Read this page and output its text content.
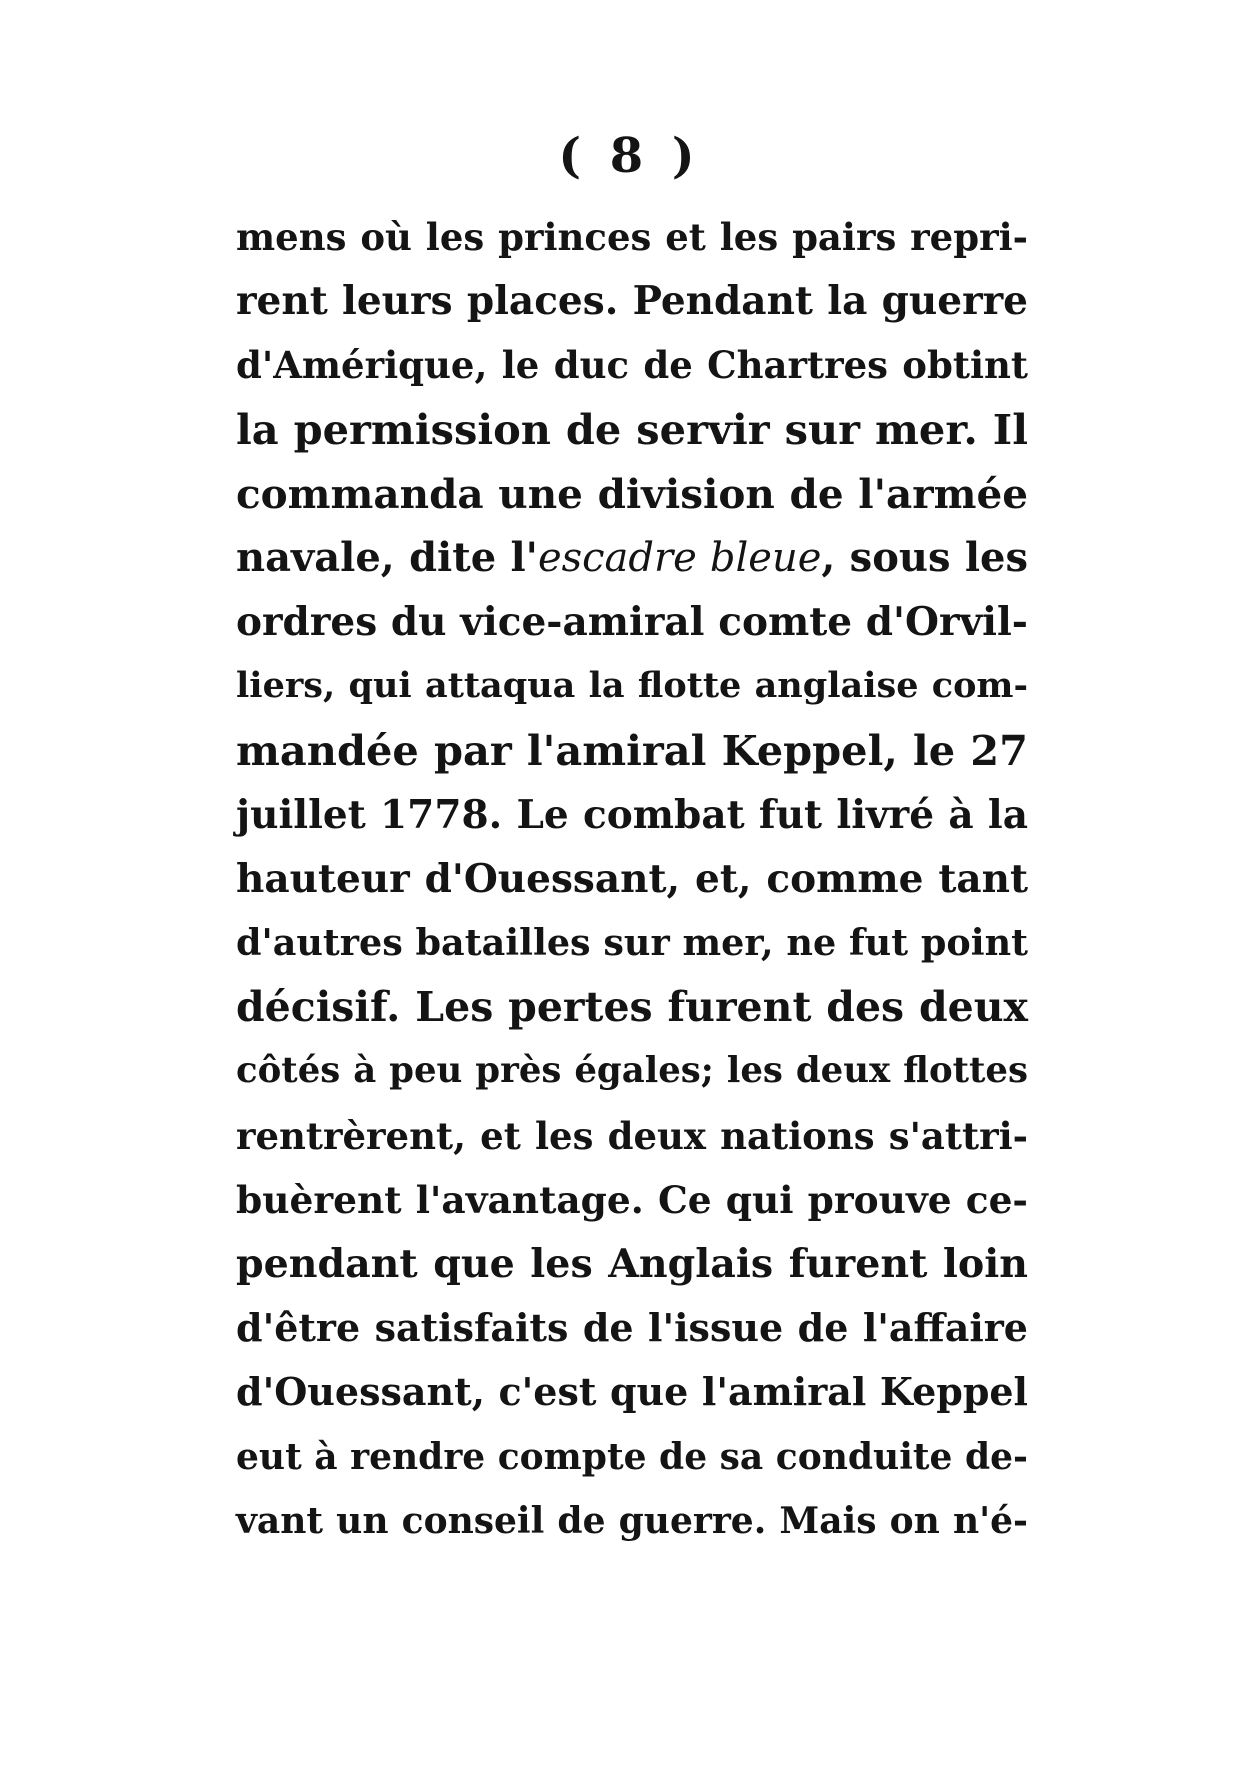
( 8 )
mens où les princes et les pairs repri-
rent leurs places. Pendant la guerre
d'Amérique, le duc de Chartres obtint
la permission de servir sur mer. Il
commanda une division de l'armée
navale, dite l'escadre bleue, sous les
ordres du vice-amiral comte d'Orvil-
liers, qui attaqua la flotte anglaise com-
mandée par l'amiral Keppel, le 27
juillet 1778. Le combat fut livré à la
hauteur d'Ouessant, et, comme tant
d'autres batailles sur mer, ne fut point
décisif. Les pertes furent des deux
côtés à peu près égales; les deux flottes
rentrèrent, et les deux nations s'attri-
buèrent l'avantage. Ce qui prouve ce-
pendant que les Anglais furent loin
d'être satisfaits de l'issue de l'affaire
d'Ouessant, c'est que l'amiral Keppel
eut à rendre compte de sa conduite de-
vant un conseil de guerre. Mais on n'é-
